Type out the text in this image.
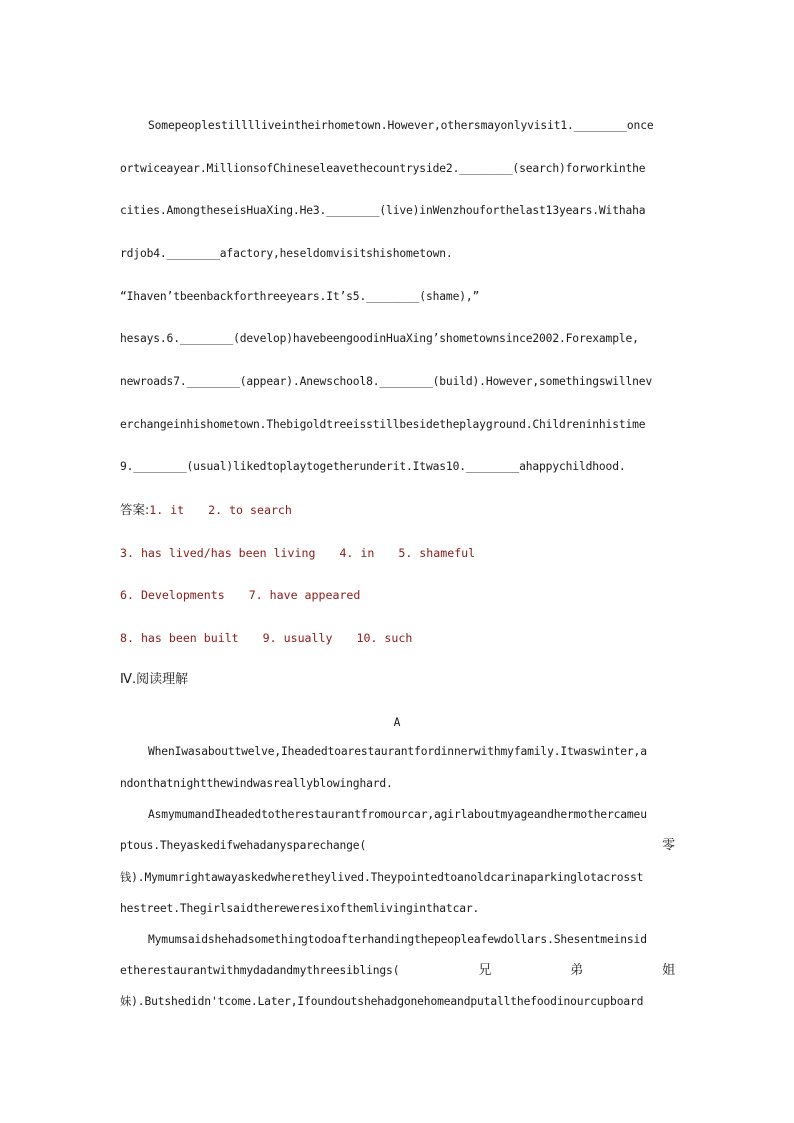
Somepeoplestilllliveintheirhometown.However,othersmayonlyvisit1.________once
ortwiceayear.MillionsofChineseleavethecountryside2.________(search)forworkinthe
cities.AmongtheseisHuaXing.He3.________(live)inWenzhouforthelast13years.Withaha
rdjob4.________afactory,heseldomvisitshishometown.
“Ihaven’tbeenbackforthreeyears.It’s5.________(shame),”
hesays.6.________(develop)havebeengoodinHuaXing’shometownsince2002.Forexample,
newroads7.________(appear).Anewschool8.________(build).However,somethingswillnev
erchangeinhishometown.Thebigoldtreeisstillbesidetheplayground.Childreninhistime
9.________(usual)likedtoplaytogetherunderit.Itwas10.________ahappychildhood.
答案:1. it 2. to search
3. has lived/has been living 4. in 5. shameful
6. Developments 7. have appeared
8. has been built 9. usually 10. such
Ⅳ.阅读理解
A
WhenIwasabouttwelve,Iheadedtoarestaurantfordinnerwithmyfamily.Itwaswinter,a
ndonthatnightthewindwasreallyblowinghard.
AsmymumandIheadedtotherestaurantfromourcar,agirlaboutmyageandhermothercameu
ptous.Theyaskedifwehadanysparechange(	零
钱).Mymumrightawayaskedwheretheylived.Theypointedtoanoldcarinaparkinglotacrosst
hestreet.Thegirlsaidthereweresixofthemlivinginthatcar.
Mymumsaidshehadsomethingtodoafterhandingthepeopleafewdollars.Shesentmeinsid
etherestaurantwithmydadandmythreesiblings(	兄	弟	姐
妹).Butshedidn'tcome.Later,Ifoundoutshehadgonehomeandputallthefoodinourcupboard
